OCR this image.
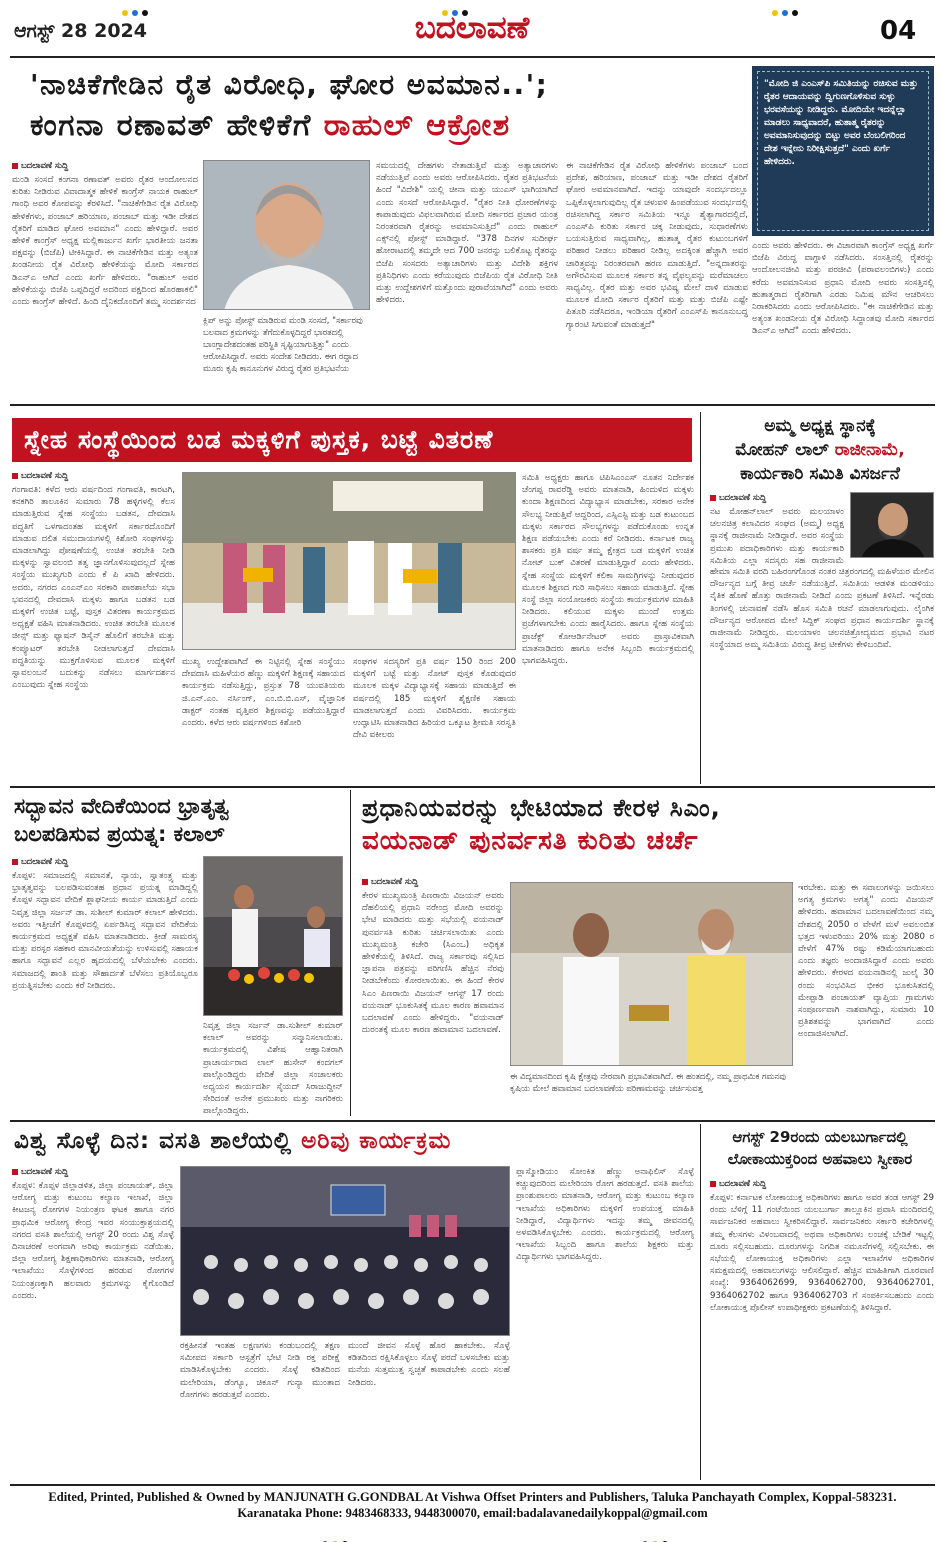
ಆಗಸ್ಟ್ 28 2024	ಬದಲಾವಣೆ	04
'ನಾಚಿಕೆಗೇಡಿನ ರೈತ ವಿರೋಧಿ, ಘೋರ ಅವಮಾನ..';
ಕಂಗನಾ ರಣಾವತ್ ಹೇಳಿಕೆಗೆ ರಾಹುಲ್ ಆಕ್ರೋಶ
"ಮೋದಿ ಜಿ ಎಂಎಸ್‌ಪಿ ಸಮಿತಿಯನ್ನು ರಚಿಸುವ ಮತ್ತು ರೈತರ ಆದಾಯವನ್ನು ದ್ವಿಗುಣಗೊಳಿಸುವ ಸುಳ್ಳು ಭರವಸೆಯನ್ನು ನೀಡಿದ್ದರು. ಮೋದಿಯೇ ಇದನ್ನೆಲ್ಲಾ ಮಾಡಲು ಸಾಧ್ಯವಾದರೆ, ಹುತಾತ್ಮ ರೈತರನ್ನು ಅವಮಾನಿಸುವುದನ್ನು ಬಿಟ್ಟು ಅವರ ಬೆಂಬಲಿಗರಿಂದ ದೇಶ ಇನ್ನೇನು ನಿರೀಕ್ಷಿಸುತ್ತದೆ" ಎಂದು ಖರ್ಗೆ ಹೇಳಿದರು.
ಬದಲಾವಣೆ ಸುದ್ದಿ
ಮಂಡಿ ಸಂಸದೆ ಕಂಗನಾ ರಣಾವತ್ ಅವರು ರೈತರ ಆಂದೋಲನದ ಕುರಿತು ನೀಡಿರುವ ವಿವಾದಾತ್ಮಕ ಹೇಳಿಕೆ ಕಾಂಗ್ರೆಸ್ ನಾಯಕ ರಾಹುಲ್ ಗಾಂಧಿ ಅವರ ಕೋಪವನ್ನು ಕೆರಳಿಸಿದೆ. "ನಾಚಿಕೆಗೇಡಿನ ರೈತ ವಿರೋಧಿ ಹೇಳಿಕೆಗಳು, ಪಂಜಾಬ್ ಹರಿಯಾಣ, ಪಂಜಾಬ್ ಮತ್ತು ಇಡೀ ದೇಶದ ರೈತರಿಗೆ ಮಾಡಿದ ಘೋರ ಅವಮಾನ" ಎಂದು ಹೇಳಿದ್ದಾರೆ. ಅವರ ಹೇಳಿಕೆ ಕಾಂಗ್ರೆಸ್ ಅಧ್ಯಕ್ಷ ಮಲ್ಲಿಕಾರ್ಜುನ ಖರ್ಗೆ ಭಾರತೀಯ ಜನತಾ ಪಕ್ಷವನ್ನು (ಬಿಜೆಪಿ) ಟೀಕಿಸಿದ್ದಾರೆ. ಈ ನಾಚಿಕೆಗೇಡಿನ ಮತ್ತು ಅತ್ಯಂತ ಖಂಡನೀಯ ರೈತ ವಿರೋಧಿ ಹೇಳಿಕೆಯನ್ನು ಮೋದಿ ಸರ್ಕಾರದ ಡಿಎನ್‌ಎ ಆಗಿದೆ ಎಂದು ಖರ್ಗೆ ಹೇಳಿದರು. "ರಾಹುಲ್ ಅವರ ಹೇಳಿಕೆಯನ್ನು ಬಿಜೆಪಿ ಒಪ್ಪದಿದ್ದರೆ ಅದರಿಂದ ಪಕ್ಷದಿಂದ ಹೊರಹಾಕಲಿ" ಎಂದು ಕಾಂಗ್ರೆಸ್ ಹೇಳಿದೆ. ಹಿಂದಿ ದೈನಿಕದೊಂದಿಗೆ ತಮ್ಮ ಸಂದರ್ಶನದ
ಕ್ಲಿಪ್ ಅನ್ನು ಪೋಸ್ಟ್ ಮಾಡಿರುವ ಮಂಡಿ ಸಂಸದೆ, "ಸರ್ಕಾರವು ಬಲವಾದ ಕ್ರಮಗಳನ್ನು ತೆಗೆದುಕೊಳ್ಳದಿದ್ದರೆ ಭಾರತದಲ್ಲಿ ಬಾಂಗ್ಲಾದೇಶದಂತಹ ಪರಿಸ್ಥಿತಿ ಸೃಷ್ಟಿಯಾಗುತ್ತಿತ್ತು" ಎಂದು ಆರೋಪಿಸಿದ್ದಾರೆ. ಅವರು ಸಂದೇಶ ನೀಡಿದರು. ಈಗ ರದ್ದಾದ ಮೂರು ಕೃಷಿ ಕಾನೂನುಗಳ ವಿರುದ್ಧ ರೈತರ ಪ್ರತಿಭಟನೆಯ
ಸಮಯದಲ್ಲಿ ದೇಹಗಳು ನೇತಾಡುತ್ತಿವೆ ಮತ್ತು ಅತ್ಯಾಚಾರಗಳು ನಡೆಯುತ್ತಿವೆ ಎಂದು ಅವರು ಆರೋಪಿಸಿದರು. ರೈತರ ಪ್ರತಿಭಟನೆಯ ಹಿಂದೆ "ವಿದೇಶಿ" ಯಲ್ಲಿ ಚೀನಾ ಮತ್ತು ಯುಎಸ್ ಭಾಗಿಯಾಗಿದೆ ಎಂದು ಸಂಸದೆ ಆರೋಪಿಸಿದ್ದಾರೆ. "ರೈತರ ನೀತಿ ಧೋರಣೆಗಳನ್ನು ಕಾಪಾಡುವುದು ವಿಫಲವಾಗಿರುವ ಮೋದಿ ಸರ್ಕಾರದ ಪ್ರಚಾರ ಯಂತ್ರ ನಿರಂತರವಾಗಿ ರೈತರನ್ನು ಅವಮಾನಿಸುತ್ತಿದೆ" ಎಂದು ರಾಹುಲ್ ಎಕ್ಸ್‌ನಲ್ಲಿ ಪೋಸ್ಟ್ ಮಾಡಿದ್ದಾರೆ. "378 ದಿನಗಳ ಸುದೀರ್ಘ ಹೋರಾಟದಲ್ಲಿ ತಮ್ಮದೇ ಆದ 700 ಜನರನ್ನು ಬಲಿಕೊಟ್ಟ ರೈತರನ್ನು ಬಿಜೆಪಿ ಸಂಸದರು ಅತ್ಯಾಚಾರಿಗಳು ಮತ್ತು ವಿದೇಶಿ ಶಕ್ತಿಗಳ ಪ್ರತಿನಿಧಿಗಳು ಎಂದು ಕರೆಯುವುದು ಬಿಜೆಪಿಯ ರೈತ ವಿರೋಧಿ ನೀತಿ ಮತ್ತು ಉದ್ದೇಶಗಳಿಗೆ ಮತ್ತೊಂದು ಪುರಾವೆಯಾಗಿದೆ" ಎಂದು ಅವರು ಹೇಳಿದರು.
ಈ ನಾಚಿಕೆಗೇಡಿನ ರೈತ ವಿರೋಧಿ ಹೇಳಿಕೆಗಳು ಪಂಜಾಬ್ ಬಂದ ಪ್ರದೇಶ, ಹರಿಯಾಣ, ಪಂಜಾಬ್ ಮತ್ತು ಇಡೀ ದೇಶದ ರೈತರಿಗೆ ಘೋರ ಅವಮಾನವಾಗಿದೆ. ಇದನ್ನು ಯಾವುದೇ ಸಂದರ್ಭದಲ್ಲೂ ಒಪ್ಪಿಕೊಳ್ಳಲಾಗುವುದಿಲ್ಲ ರೈತ ಚಳುವಳಿ ಹಿಂಪಡೆಯುವ ಸಂದರ್ಭದಲ್ಲಿ ರಚಿಸಲಾಗಿದ್ದ ಸರ್ಕಾರ ಸಮಿತಿಯ ಇನ್ನೂ ಶೈತ್ಯಾಗಾರದಲ್ಲಿದೆ, ಎಂಎಸ್‌ಪಿ ಕುರಿತು ಸರ್ಕಾರ ಚಕ್ಕ ನೀಡುವುದು, ಸುಧಾರಣೆಗಳು ಬಯಸುತ್ತಿರುವ ಸಾಧ್ಯವಾಗಿಲ್ಲ, ಹುತಾತ್ಮ ರೈತರ ಕುಟುಂಬಗಳಿಗೆ ಪರಿಹಾರ ನೀಡಲು ಪರಿಹಾರ ನೀಡಿಲ್ಲ ಅದಕ್ಕಿಂತ ಹೆಚ್ಚಾಗಿ ಅವರ ಚಾರಿತ್ರ್ಯವನ್ನು ನಿರಂತರವಾಗಿ ಹರಣ ಮಾಡುತ್ತಿದೆ. "ಅನ್ನದಾತರನ್ನು ಅಗೌರವಿಸುವ ಮೂಲಕ ಸರ್ಕಾರ ತನ್ನ ವೈಫಲ್ಯವನ್ನು ಮರೆಮಾಚಲು ಸಾಧ್ಯವಿಲ್ಲ. ರೈತರ ಮತ್ತು ಅವರ ಭವಿಷ್ಯ ಮೇಲೆ ದಾಳಿ ಮಾಡುವ ಮೂಲಕ ಮೋದಿ ಸರ್ಕಾರ ರೈತರಿಗೆ ಮತ್ತು ಮತ್ತು ಬಿಜೆಪಿ ಎಷ್ಟೇ ಪಿತೂರಿ ನಡೆಸಿದರೂ, ಇಂಡಿಯಾ ರೈತರಿಗೆ ಎಂಎಸ್‌ಪಿ ಕಾನೂನುಬದ್ಧ ಗ್ಯಾರಂಟಿ ಸಿಗುವಂತೆ ಮಾಡುತ್ತದೆ"
ಎಂದು ಅವರು ಹೇಳಿದರು. ಈ ವಿಚಾರವಾಗಿ ಕಾಂಗ್ರೆಸ್ ಅಧ್ಯಕ್ಷ ಖರ್ಗೆ ಬಿಜೆಪಿ ವಿರುದ್ಧ ವಾಗ್ದಾಳಿ ನಡೆಸಿದರು. ಸಂಸತ್ತಿನಲ್ಲಿ ರೈತರನ್ನು ಆಂದೋಲನಜೀವಿ ಮತ್ತು ಪರಜೀವಿ (ಪರಾವಲಂಬಿಗಳು) ಎಂದು ಕರೆದು ಅವಮಾನಿಸುವ ಪ್ರಧಾನಿ ಮೋದಿ ಅವರು ಸಂಸತ್ತಿನಲ್ಲಿ ಹುತಾತ್ಮರಾದ ರೈತರಿಗಾಗಿ ಎರಡು ನಿಮಿಷ ಮೌನ ಆಚರಿಸಲು ನಿರಾಕರಿಸಿದರು ಎಂದು ಆರೋಪಿಸಿದರು. "ಈ ನಾಚಿಕೆಗೇಡಿನ ಮತ್ತು ಅತ್ಯಂತ ಖಂಡನೀಯ ರೈತ ವಿರೋಧಿ ಸಿದ್ಧಾಂತವು ಮೋದಿ ಸರ್ಕಾರದ ಡಿಎನ್‌ಎ ಆಗಿದೆ" ಎಂದು ಹೇಳಿದರು.
ಸ್ನೇಹ ಸಂಸ್ಥೆಯಿಂದ ಬಡ ಮಕ್ಕಳಿಗೆ ಪುಸ್ತಕ, ಬಟ್ಟೆ ವಿತರಣೆ
ಬದಲಾವಣೆ ಸುದ್ದಿ
ಗಂಗಾವತಿ: ಕಳೆದ ಆರು ವರ್ಷದಿಂದ ಗಂಗಾವತಿ, ಕಾರಟಗಿ, ಕನಕಗಿರಿ ತಾಲೂಕಿನ ಸುಮಾರು 78 ಹಳ್ಳಿಗಳಲ್ಲಿ ಕೆಲಸ ಮಾಡುತ್ತಿರುವ ಸ್ನೇಹ ಸಂಸ್ಥೆಯು ಬಡತನ, ದೇವದಾಸಿ ಪದ್ಧತಿಗೆ ಒಳಗಾದಂತಹ ಮಕ್ಕಳಿಗೆ ಸರ್ಕಾರದೊಂದಿಗೆ ಮಾಡುವ ದಲಿತ ಸಮುದಾಯಗಳಲ್ಲಿ ಕಿಶೋರಿ ಸಂಘಗಳನ್ನು ಮಾಡಲಾಗಿದ್ದು ಪೋಷಣೆಯಲ್ಲಿ ಉಚಿತ ತರಬೇತಿ ನೀಡಿ ಮಕ್ಕಳನ್ನು ಸ್ವಾವಲಂಬಿ ತತ್ವ ಜ್ಞಾನಗೊಳಿಸುವುದಲ್ಲದೆ ಸ್ನೇಹ ಸಂಸ್ಥೆಯ ಮುಖ್ಯಗುರಿ ಎಂದು ಕೆ ಪಿ ಖಾದಿ ಹೇಳಿದರು. ಅದರು, ನಗರದ ಎಂಎನ್‌ಎಂ ಸರಕಾರಿ ಪಾಠಶಾಲೆಯ ಸಭಾ ಭವನದಲ್ಲಿ ದೇವದಾಸಿ ಮಕ್ಕಳು ಹಾಗೂ ಬಡತನ ಬಡ ಮಕ್ಕಳಿಗೆ ಉಚಿತ ಬಟ್ಟೆ, ಪುಸ್ತಕ ವಿತರಣಾ ಕಾರ್ಯಕ್ರಮದ ಅಧ್ಯಕ್ಷತೆ ವಹಿಸಿ ಮಾತನಾಡಿದರು. ಉಚಿತ ತರಬೇತಿ ಮೂಲಕ ಜೀನ್ಸ್ ಮತ್ತು ಫ್ಯಾಷನ್ ಡಿಸೈನ್ ಹೊಲಿಗೆ ತರಬೇತಿ ಮತ್ತು ಕಂಪ್ಯೂಟರ್ ತರಬೇತಿ ನೀಡಲಾಗುತ್ತದೆ ದೇವದಾಸಿ ಪದ್ಧತಿಯನ್ನು ಮುಕ್ತಗೊಳಿಸುವ ಮೂಲಕ ಮಕ್ಕಳಿಗೆ ಸ್ವಾವಲಂಬನೆ ಬದುಕನ್ನು ನಡೆಸಲು ಮಾರ್ಗದರ್ಶನ ಎಂಬುವುದು ಸ್ನೇಹ ಸಂಸ್ಥೆಯ
ಮುಖ್ಯ ಉದ್ದೇಶವಾಗಿದೆ ಈ ನಿಟ್ಟಿನಲ್ಲಿ ಸ್ನೇಹ ಸಂಸ್ಥೆಯು ದೇವದಾಸಿ ಮಹಿಳೆಯರ ಹೆಣ್ಣು ಮಕ್ಕಳಿಗೆ ಶಿಕ್ಷಣಕ್ಕೆ ಸಹಾಯದ ಕಾರ್ಯಕ್ರಮ ನಡೆಸುತ್ತಿದ್ದು, ಪ್ರಸ್ತುತ 78 ಯುವತಿಯರು ಜಿ.ಎನ್.ಎಂ. ನರ್ಸಿಂಗ್, ಎಂ.ಬಿ.ಬಿ.ಎಸ್, ವೈಜ್ಞಾನಿಕ ಡಾಕ್ಟರ್ ನಂತಹ ವೃತ್ತಿಪರ ಶಿಕ್ಷಣವನ್ನು ಪಡೆಯುತ್ತಿದ್ದಾರೆ ಎಂದರು. ಕಳೆದ ಆರು ವರ್ಷಗಳಿಂದ ಕಿಶೋರಿ
ಸಂಘಗಳ ಸದಸ್ಯರಿಗೆ ಪ್ರತಿ ವರ್ಷ 150 ರಿಂದ 200 ಮಕ್ಕಳಿಗೆ ಬಟ್ಟೆ ಮತ್ತು ನೋಟ್ ಪುಸ್ತಕ ಕೊಡುವುದರ ಮೂಲಕ ಮಕ್ಕಳ ವಿದ್ಯಾಭ್ಯಾಸಕ್ಕೆ ಸಹಾಯ ಮಾಡುತ್ತಿದೆ ಈ ವರ್ಷದಲ್ಲಿ 185 ಮಕ್ಕಳಿಗೆ ಶೈಕ್ಷಣಿಕ ಸಹಾಯ ಮಾಡಲಾಗುತ್ತದೆ ಎಂದು ವಿವರಿಸಿದರು. ಕಾರ್ಯಕ್ರಮ ಉದ್ಘಾಟಿಸಿ ಮಾತನಾಡಿದ ಹಿರಿಯರ ಒಕ್ಕೂಟ ಶ್ರೀಮತಿ ಸರಸ್ವತಿ ದೇವಿ ವಕೀಲರು
ಸಮಿತಿ ಅಧ್ಯಕ್ಷರು ಹಾಗೂ ಟಿಪಿಸಿಎಂಎಸ್ ನೂತನ ನಿರ್ದೇಶಕ ಚೆಂಗಪ್ಪ ರಾವರೆಡ್ಡಿ ಅವರು ಮಾತನಾಡಿ, ಹಿಂದುಳಿದ ಮಕ್ಕಳು ಕುಂದಾ ಶಿಕ್ಷಣದಿಂದ ವಿದ್ಯಾಭ್ಯಾಸ ಮಾಡಬೇಕು, ಸರಕಾರ ಅನೇಕ ಸೌಲಭ್ಯ ನೀಡುತ್ತಿವೆ ಆದ್ದರಿಂದ, ಎಸ್ಸಿಎಸ್ಟಿ ಮತ್ತು ಬಡ ಕುಟುಂಬದ ಮಕ್ಕಳು ಸರ್ಕಾರದ ಸೌಲಭ್ಯಗಳನ್ನು ಪಡೆದುಕೊಂಡು ಉನ್ನತ ಶಿಕ್ಷಣ ಪಡೆಯಬೇಕು ಎಂದು ಕರೆ ನೀಡಿದರು. ಕರ್ನಾಟಕ ರಾಜ್ಯ ಶಾಸಕರು ಪ್ರತಿ ವರ್ಷ ತಮ್ಮ ಕ್ಷೇತ್ರದ ಬಡ ಮಕ್ಕಳಿಗೆ ಉಚಿತ ನೋಟ್ ಬುಕ್ ವಿತರಣೆ ಮಾಡುತ್ತಿದ್ದಾರೆ ಎಂದು ಹೇಳಿದರು. ಸ್ನೇಹ ಸಂಸ್ಥೆಯ ಮಕ್ಕಳಿಗೆ ಕಲಿಕಾ ಸಾಮಗ್ರಿಗಳನ್ನು ನೀಡುವುದರ ಮೂಲಕ ಶಿಕ್ಷಣದ ಗುರಿ ಸಾಧಿಸಲು ಸಹಾಯ ಮಾಡುತ್ತಿದೆ. ಸ್ನೇಹ ಸಂಸ್ಥೆ ಜಿಲ್ಲಾ ಸಂಯೋಜಕರು ಸಂಸ್ಥೆಯ ಕಾರ್ಯಕ್ರಮಗಳ ಮಾಹಿತಿ ನೀಡಿದರು. ಕಲಿಯುವ ಮಕ್ಕಳು ಮುಂದೆ ಉತ್ತಮ ಪ್ರಜೆಗಳಾಗಬೇಕು ಎಂದು ಹಾರೈಸಿದರು. ಹಾಗೂ ಸ್ನೇಹ ಸಂಸ್ಥೆಯ ಪ್ರಾಜೆಕ್ಟ್ ಕೋಆರ್ಡಿನೇಟರ್ ಅವರು ಪ್ರಾಸ್ತಾವಿಕವಾಗಿ ಮಾತನಾಡಿದರು ಹಾಗೂ ಅನೇಕ ಸಿಬ್ಬಂದಿ ಕಾರ್ಯಕ್ರಮದಲ್ಲಿ ಭಾಗವಹಿಸಿದ್ದರು.
ಅಮ್ಮ ಅಧ್ಯಕ್ಷ ಸ್ಥಾನಕ್ಕೆ
ಮೋಹನ್ ಲಾಲ್ ರಾಜೀನಾಮೆ,
ಕಾರ್ಯಕಾರಿ ಸಮಿತಿ ವಿಸರ್ಜನೆ
ಬದಲಾವಣೆ ಸುದ್ದಿ
ನಟ ಮೋಹನ್‌ಲಾಲ್ ಅವರು ಮಲಯಾಳಂ ಚಲನಚಿತ್ರ ಕಲಾವಿದರ ಸಂಘದ (ಅಮ್ಮ) ಅಧ್ಯಕ್ಷ ಸ್ಥಾನಕ್ಕೆ ರಾಜೀನಾಮೆ ನೀಡಿದ್ದಾರೆ. ಅವರ ಸಂಸ್ಥೆಯ ಪ್ರಮುಖ ಪದಾಧಿಕಾರಿಗಳು ಮತ್ತು ಕಾರ್ಯಕಾರಿ ಸಮಿತಿಯ ಎಲ್ಲಾ ಸದಸ್ಯರು ಸಹ ರಾಜೀನಾಮೆ
ಹೇಮಾ ಸಮಿತಿ ವರದಿ ಬಹಿರಂಗಗೊಂಡ ನಂತರ ಚಿತ್ರರಂಗದಲ್ಲಿ ಮಹಿಳೆಯರ ಮೇಲಿನ ದೌರ್ಜನ್ಯದ ಬಗ್ಗೆ ತೀವ್ರ ಚರ್ಚೆ ನಡೆಯುತ್ತಿದೆ. ಸಮಿತಿಯ ಆಡಳಿತ ಮಂಡಳಿಯು ನೈತಿಕ ಹೊಣೆ ಹೊತ್ತು ರಾಜೀನಾಮೆ ನೀಡಿದೆ ಎಂದು ಪ್ರಕಟಣೆ ತಿಳಿಸಿದೆ. ಇನ್ನೆರಡು ತಿಂಗಳಲ್ಲಿ ಚುನಾವಣೆ ನಡೆಸಿ ಹೊಸ ಸಮಿತಿ ರಚನೆ ಮಾಡಲಾಗುವುದು. ಲೈಂಗಿಕ ದೌರ್ಜನ್ಯದ ಆರೋಪದ ಮೇಲೆ ಸಿದ್ದಿಕ್ ಸಂಘದ ಪ್ರಧಾನ ಕಾರ್ಯದರ್ಶಿ ಸ್ಥಾನಕ್ಕೆ ರಾಜೀನಾಮೆ ನೀಡಿದ್ದರು. ಮಲಯಾಳಂ ಚಲನಚಿತ್ರೋದ್ಯಮದ ಪ್ರಭಾವಿ ನಟರ ಸಂಸ್ಥೆಯಾದ ಅಮ್ಮ ಸಮಿತಿಯ ವಿರುದ್ಧ ತೀವ್ರ ಟೀಕೆಗಳು ಕೇಳಿಬಂದಿವೆ.
ಸದ್ಭಾವನ ವೇದಿಕೆಯಿಂದ ಭ್ರಾತೃತ್ವ
ಬಲಪಡಿಸುವ ಪ್ರಯತ್ನ: ಕಲಾಲ್
ಬದಲಾವಣೆ ಸುದ್ದಿ
ಕೊಪ್ಪಳ: ಸಮಾಜದಲ್ಲಿ ಸಮಾನತೆ, ನ್ಯಾಯ, ಸ್ವಾತಂತ್ರ್ಯ ಮತ್ತು ಭ್ರಾತೃತ್ವವನ್ನು ಬಲಪಡಿಸುವಂತಹ ಪ್ರಧಾನ ಪ್ರಯತ್ನ ಮಾಡಿದ್ದಲ್ಲಿ ಕೊಪ್ಪಳ ಸದ್ಭಾವನ ವೇದಿಕೆ ಶ್ಲಾಘನೀಯ ಕಾರ್ಯ ಮಾಡುತ್ತಿದೆ ಎಂದು ನಿವೃತ್ತ ಜಿಲ್ಲಾ ಸರ್ಜನ್ ಡಾ. ಸುಶೀಲ್ ಕುಮಾರ್ ಕಲಾಲ್ ಹೇಳಿದರು. ಅವರು ಇತ್ತೀಚೆಗೆ ಕೊಪ್ಪಳದಲ್ಲಿ ಏರ್ಪಡಿಸಿದ್ದ ಸದ್ಭಾವನ ವೇದಿಕೆಯ ಕಾರ್ಯಕ್ರಮದ ಅಧ್ಯಕ್ಷತೆ ವಹಿಸಿ ಮಾತನಾಡಿದರು. ಕ್ರೀಡೆ ಸಾಮರಸ್ಯ ಮತ್ತು ಪರಸ್ಪರ ಸಹಕಾರ ಮಾನವೀಯತೆಯನ್ನು ಉಳಿಸುವಲ್ಲಿ ಸಹಾಯಕ ಹಾಗೂ ಸದ್ಭಾವನೆ ಎಲ್ಲರ ಹೃದಯದಲ್ಲಿ ಬೆಳೆಯಬೇಕು ಎಂದರು. ಸಮಾಜದಲ್ಲಿ ಶಾಂತಿ ಮತ್ತು ಸೌಹಾರ್ದತೆ ಬೆಳೆಸಲು ಪ್ರತಿಯೊಬ್ಬರೂ ಪ್ರಯತ್ನಿಸಬೇಕು ಎಂದು ಕರೆ ನೀಡಿದರು.
ನಿವೃತ್ತ ಜಿಲ್ಲಾ ಸರ್ಜನ್ ಡಾ.ಸುಶೀಲ್ ಕುಮಾರ್ ಕಲಾಲ್ ಅವರನ್ನು ಸನ್ಮಾನಿಸಲಾಯಿತು. ಕಾರ್ಯಕ್ರಮದಲ್ಲಿ ವಿಶೇಷ ಆಹ್ವಾನಿತರಾಗಿ ಪ್ರಾಚಾರ್ಯರಾದ ಲಾಲ್ ಹುಸೇನ್ ಕಂದಗಲ್ ಪಾಲ್ಗೊಂಡಿದ್ದರು ವೇದಿಕೆ ಜಿಲ್ಲಾ ಸಂಚಾಲಕರು ಅಧ್ಯಯನ ಕಾರ್ಯದರ್ಶಿ ಸೈಯದ್ ಸಿರಾಜುದ್ದೀನ್ ಸೇರಿದಂತೆ ಅನೇಕ ಪ್ರಮುಖರು ಮತ್ತು ನಾಗರಿಕರು ಪಾಲ್ಗೊಂಡಿದ್ದರು.
ಪ್ರಧಾನಿಯವರನ್ನು ಭೇಟಿಯಾದ ಕೇರಳ ಸಿಎಂ,
ವಯನಾಡ್ ಪುನರ್ವಸತಿ ಕುರಿತು ಚರ್ಚೆ
ಬದಲಾವಣೆ ಸುದ್ದಿ
ಕೇರಳ ಮುಖ್ಯಮಂತ್ರಿ ಪಿಣರಾಯಿ ವಿಜಯನ್ ಅವರು ದೆಹಲಿಯಲ್ಲಿ ಪ್ರಧಾನಿ ನರೇಂದ್ರ ಮೋದಿ ಅವರನ್ನು ಭೇಟಿ ಮಾಡಿದರು ಮತ್ತು ಸಭೆಯಲ್ಲಿ ವಯನಾಡ್ ಪುನರ್ವಸತಿ ಕುರಿತು ಚರ್ಚಿಸಲಾಯಿತು ಎಂದು ಮುಖ್ಯಮಂತ್ರಿ ಕಚೇರಿ (ಸಿಎಂಒ) ಅಧಿಕೃತ ಹೇಳಿಕೆಯಲ್ಲಿ ತಿಳಿಸಿದೆ. ರಾಜ್ಯ ಸರ್ಕಾರವು ಸಲ್ಲಿಸಿದ ಜ್ಞಾಪನಾ ಪತ್ರವನ್ನು ಪರಿಗಣಿಸಿ ಹೆಚ್ಚಿನ ನೆರವು ನೀಡಬೇಕೆಂದು ಕೋರಲಾಯಿತು. ಈ ಹಿಂದೆ ಕೇರಳ ಸಿಎಂ ಪಿಣರಾಯಿ ವಿಜಯನ್ ಆಗಸ್ಟ್ 17 ರಂದು ವಯನಾಡ್ ಭೂಕುಸಿತಕ್ಕೆ ಮೂಲ ಕಾರಣ ಹವಾಮಾನ ಬದಲಾವಣೆ ಎಂದು ಹೇಳಿದ್ದರು. "ವಯನಾಡ್ ದುರಂತಕ್ಕೆ ಮೂಲ ಕಾರಣ ಹವಾಮಾನ ಬದಲಾವಣೆ.
ಈ ವಿದ್ಯಮಾನದಿಂದ ಕೃಷಿ ಕ್ಷೇತ್ರವು ನೇರವಾಗಿ ಪ್ರಭಾವಿತವಾಗಿದೆ. ಈ ಹಂತದಲ್ಲಿ, ನಮ್ಮ ಪ್ರಾಥಮಿಕ ಗಮನವು ಕೃಷಿಯ ಮೇಲೆ ಹವಾಮಾನ ಬದಲಾವಣೆಯ ಪರಿಣಾಮವನ್ನು ಚರ್ಚಿಸುವತ್ತ
ಇರಬೇಕು. ಮತ್ತು ಈ ಸವಾಲುಗಳನ್ನು ಜಯಿಸಲು ಅಗತ್ಯ ಕ್ರಮಗಳು ಅಗತ್ಯ" ಎಂದು ವಿಜಯನ್ ಹೇಳಿದರು. ಹವಾಮಾನ ಬದಲಾವಣೆಯಿಂದ ನಮ್ಮ ದೇಶದಲ್ಲಿ 2050 ರ ವೇಳೆಗೆ ಮಳೆ ಅವಲಂಬಿತ ಭತ್ತದ ಇಳುವರಿಯು 20% ಮತ್ತು 2080 ರ ವೇಳೆಗೆ 47% ರಷ್ಟು ಕಡಿಮೆಯಾಗಬಹುದು ಎಂದು ತಜ್ಞರು ಅಂದಾಜಿಸಿದ್ದಾರೆ ಎಂದು ಅವರು ಹೇಳಿದರು. ಕೇರಳದ ವಯನಾಡಿನಲ್ಲಿ ಜುಲೈ 30 ರಂದು ಸಂಭವಿಸಿದ ಭೀಕರ ಭೂಕುಸಿತದಲ್ಲಿ ಮೇಪ್ಪಾಡಿ ಪಂಚಾಯತ್ ವ್ಯಾಪ್ತಿಯ ಗ್ರಾಮಗಳು ಸಂಪೂರ್ಣವಾಗಿ ನಾಶವಾಗಿದ್ದು, ಸುಮಾರು 10 ಪ್ರತಿಶತವನ್ನು ಭಾಗವಾಗಿದೆ ಎಂದು ಅಂದಾಜಿಸಲಾಗಿದೆ.
ವಿಶ್ವ ಸೊಳ್ಳೆ ದಿನ: ವಸತಿ ಶಾಲೆಯಲ್ಲಿ ಅರಿವು ಕಾರ್ಯಕ್ರಮ
ಬದಲಾವಣೆ ಸುದ್ದಿ
ಕೊಪ್ಪಳ: ಕೊಪ್ಪಳ ಜಿಲ್ಲಾಡಳಿತ, ಜಿಲ್ಲಾ ಪಂಚಾಯತ್, ಜಿಲ್ಲಾ ಆರೋಗ್ಯ ಮತ್ತು ಕುಟುಂಬ ಕಲ್ಯಾಣ ಇಲಾಖೆ, ಜಿಲ್ಲಾ ಕೀಟಜನ್ಯ ರೋಗಗಳ ನಿಯಂತ್ರಣ ಘಟಕ ಹಾಗೂ ನಗರ ಪ್ರಾಥಮಿಕ ಆರೋಗ್ಯ ಕೇಂದ್ರ ಇವರ ಸಂಯುಕ್ತಾಶ್ರಯದಲ್ಲಿ ನಗರದ ವಸತಿ ಶಾಲೆಯಲ್ಲಿ ಆಗಸ್ಟ್ 20 ರಂದು ವಿಶ್ವ ಸೊಳ್ಳೆ ದಿನಾಚರಣೆ ಅಂಗವಾಗಿ ಅರಿವು ಕಾರ್ಯಕ್ರಮ ನಡೆಯಿತು. ಜಿಲ್ಲಾ ಆರೋಗ್ಯ ಶಿಕ್ಷಣಾಧಿಕಾರಿಗಳು ಮಾತನಾಡಿ, ಆರೋಗ್ಯ ಇಲಾಖೆಯು ಸೊಳ್ಳೆಗಳಿಂದ ಹರಡುವ ರೋಗಗಳ ನಿಯಂತ್ರಣಕ್ಕಾಗಿ ಹಲವಾರು ಕ್ರಮಗಳನ್ನು ಕೈಗೊಂಡಿದೆ ಎಂದರು.
ರಕ್ತಹೀನತೆ ಇಂತಹ ಲಕ್ಷಣಗಳು ಕಂಡುಬಂದಲ್ಲಿ ತಕ್ಷಣ ಸಮೀಪದ ಸರ್ಕಾರಿ ಆಸ್ಪತ್ರೆಗೆ ಭೇಟಿ ನೀಡಿ ರಕ್ತ ಪರೀಕ್ಷೆ ಮಾಡಿಸಿಕೊಳ್ಳಬೇಕು ಎಂದರು. ಸೊಳ್ಳೆ ಕಡಿತದಿಂದ ಮಲೇರಿಯಾ, ಡೆಂಗ್ಯೂ, ಚಿಕೂನ್ ಗುನ್ಯಾ ಮುಂತಾದ ರೋಗಗಳು ಹರಡುತ್ತವೆ ಎಂದರು.
ಮುಂದೆ ಜೀವನ ಸೊಳ್ಳೆ ಹೊರ ಹಾಕಬೇಕು. ಸೊಳ್ಳೆ ಕಡಿತದಿಂದ ರಕ್ಷಿಸಿಕೊಳ್ಳಲು ಸೊಳ್ಳೆ ಪರದೆ ಬಳಸಬೇಕು ಮತ್ತು ಮನೆಯ ಸುತ್ತಮುತ್ತ ಸ್ವಚ್ಛತೆ ಕಾಪಾಡಬೇಕು ಎಂದು ಸಲಹೆ ನೀಡಿದರು.
ಪ್ಲಾಸ್ಮೋಡಿಯಂ ಸೋಂಕಿತ ಹೆಣ್ಣು ಅನಾಫಿಲಿಸ್ ಸೊಳ್ಳೆ ಕಚ್ಚುವುದರಿಂದ ಮಲೇರಿಯಾ ರೋಗ ಹರಡುತ್ತದೆ. ವಸತಿ ಶಾಲೆಯ ಪ್ರಾಂಶುಪಾಲರು ಮಾತನಾಡಿ, ಆರೋಗ್ಯ ಮತ್ತು ಕುಟುಂಬ ಕಲ್ಯಾಣ ಇಲಾಖೆಯ ಅಧಿಕಾರಿಗಳು ಮಕ್ಕಳಿಗೆ ಉಪಯುಕ್ತ ಮಾಹಿತಿ ನೀಡಿದ್ದಾರೆ, ವಿದ್ಯಾರ್ಥಿಗಳು ಇದನ್ನು ತಮ್ಮ ಜೀವನದಲ್ಲಿ ಅಳವಡಿಸಿಕೊಳ್ಳಬೇಕು ಎಂದರು. ಕಾರ್ಯಕ್ರಮದಲ್ಲಿ ಆರೋಗ್ಯ ಇಲಾಖೆಯ ಸಿಬ್ಬಂದಿ ಹಾಗೂ ಶಾಲೆಯ ಶಿಕ್ಷಕರು ಮತ್ತು ವಿದ್ಯಾರ್ಥಿಗಳು ಭಾಗವಹಿಸಿದ್ದರು.
ಆಗಸ್ಟ್ 29ರಂದು ಯಲಬುರ್ಗಾದಲ್ಲಿ
ಲೋಕಾಯುಕ್ತರಿಂದ ಅಹವಾಲು ಸ್ವೀಕಾರ
ಬದಲಾವಣೆ ಸುದ್ದಿ
ಕೊಪ್ಪಳ: ಕರ್ನಾಟಕ ಲೋಕಾಯುಕ್ತ ಅಧಿಕಾರಿಗಳು ಹಾಗೂ ಅವರ ತಂಡ ಆಗಸ್ಟ್ 29 ರಂದು ಬೆಳಿಗ್ಗೆ 11 ಗಂಟೆಯಿಂದ ಯಲಬುರ್ಗಾ ತಾಲ್ಲೂಕಿನ ಪ್ರವಾಸಿ ಮಂದಿರದಲ್ಲಿ ಸಾರ್ವಜನಿಕರ ಅಹವಾಲು ಸ್ವೀಕರಿಸಲಿದ್ದಾರೆ. ಸಾರ್ವಜನಿಕರು ಸರ್ಕಾರಿ ಕಚೇರಿಗಳಲ್ಲಿ ತಮ್ಮ ಕೆಲಸಗಳು ವಿಳಂಬವಾದಲ್ಲಿ ಅಥವಾ ಅಧಿಕಾರಿಗಳು ಲಂಚಕ್ಕೆ ಬೇಡಿಕೆ ಇಟ್ಟಲ್ಲಿ ದೂರು ಸಲ್ಲಿಸಬಹುದು. ದೂರುಗಳನ್ನು ನಿಗದಿತ ನಮೂನೆಗಳಲ್ಲಿ ಸಲ್ಲಿಸಬೇಕು. ಈ ಸಭೆಯಲ್ಲಿ ಲೋಕಾಯುಕ್ತ ಅಧಿಕಾರಿಗಳು ಎಲ್ಲಾ ಇಲಾಖೆಗಳ ಅಧಿಕಾರಿಗಳ ಸಮಕ್ಷಮದಲ್ಲಿ ಅಹವಾಲುಗಳನ್ನು ಆಲಿಸಲಿದ್ದಾರೆ. ಹೆಚ್ಚಿನ ಮಾಹಿತಿಗಾಗಿ ದೂರವಾಣಿ ಸಂಖ್ಯೆ: 9364062699, 9364062700, 9364062701, 9364062702 ಹಾಗೂ 9364062703 ಗೆ ಸಂಪರ್ಕಿಸಬಹುದು ಎಂದು ಲೋಕಾಯುಕ್ತ ಪೊಲೀಸ್ ಉಪಾಧೀಕ್ಷಕರು ಪ್ರಕಟಣೆಯಲ್ಲಿ ತಿಳಿಸಿದ್ದಾರೆ.
Edited, Printed, Published & Owned by MANJUNATH G.GONDBAL At Vishwa Offset Printers and Publishers, Taluka Panchayath Complex, Koppal-583231.
Karanataka Phone: 9483468333, 9448300070, email:badalavanedailykoppal@gmail.com
